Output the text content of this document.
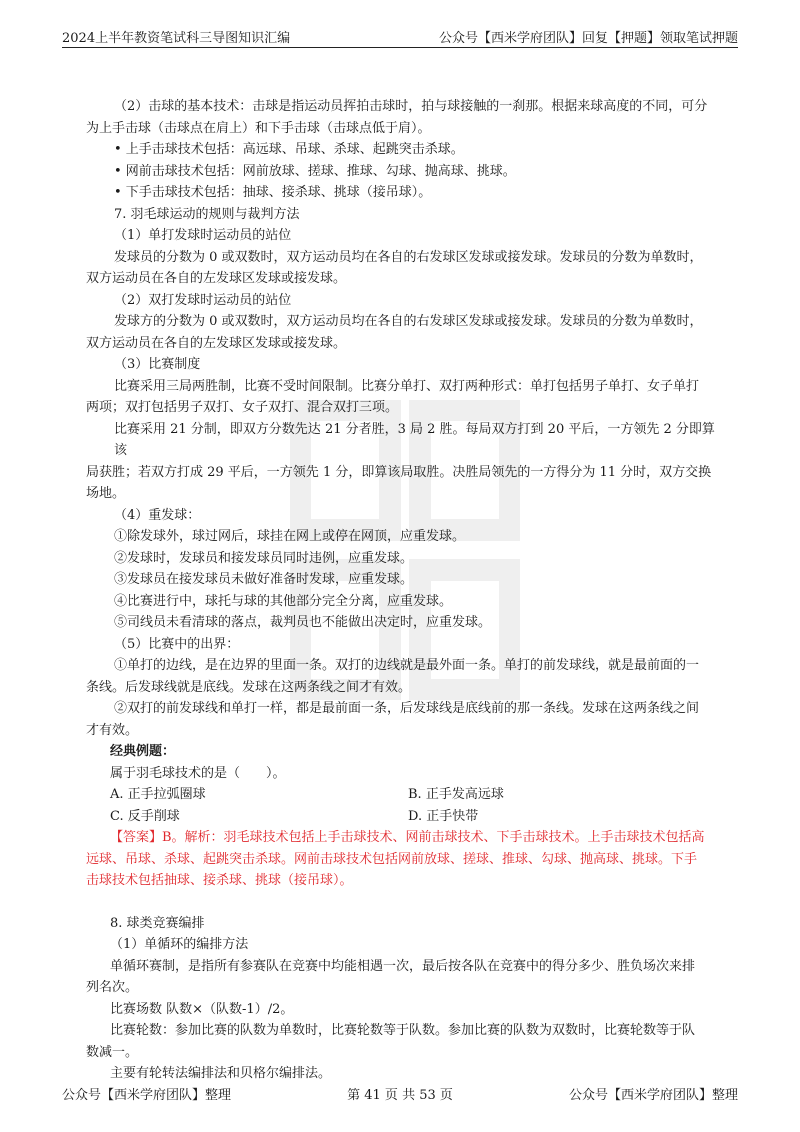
2024上半年教资笔试科三导图知识汇编	公众号【西米学府团队】回复【押题】领取笔试押题
（2）击球的基本技术：击球是指运动员挥拍击球时，拍与球接触的一刹那。根据来球高度的不同，可分
为上手击球（击球点在肩上）和下手击球（击球点低于肩）。
• 上手击球技术包括：高远球、吊球、杀球、起跳突击杀球。
• 网前击球技术包括：网前放球、搓球、推球、勾球、抛高球、挑球。
• 下手击球技术包括：抽球、接杀球、挑球（接吊球）。
7. 羽毛球运动的规则与裁判方法
（1）单打发球时运动员的站位
发球员的分数为 0 或双数时，双方运动员均在各自的右发球区发球或接发球。发球员的分数为单数时，
双方运动员在各自的左发球区发球或接发球。
（2）双打发球时运动员的站位
发球方的分数为 0 或双数时，双方运动员均在各自的右发球区发球或接发球。发球员的分数为单数时，
双方运动员在各自的左发球区发球或接发球。
（3）比赛制度
比赛采用三局两胜制，比赛不受时间限制。比赛分单打、双打两种形式：单打包括男子单打、女子单打
两项；双打包括男子双打、女子双打、混合双打三项。
比赛采用 21 分制，即双方分数先达 21 分者胜，3 局 2 胜。每局双方打到 20 平后，一方领先 2 分即算该
局获胜；若双方打成 29 平后，一方领先 1 分，即算该局取胜。决胜局领先的一方得分为 11 分时，双方交换
场地。
（4）重发球：
①除发球外，球过网后，球挂在网上或停在网顶，应重发球。
②发球时，发球员和接发球员同时违例，应重发球。
③发球员在接发球员未做好准备时发球，应重发球。
④比赛进行中，球托与球的其他部分完全分离，应重发球。
⑤司线员未看清球的落点，裁判员也不能做出决定时，应重发球。
（5）比赛中的出界：
①单打的边线，是在边界的里面一条。双打的边线就是最外面一条。单打的前发球线，就是最前面的一
条线。后发球线就是底线。发球在这两条线之间才有效。
②双打的前发球线和单打一样，都是最前面一条，后发球线是底线前的那一条线。发球在这两条线之间
才有效。
经典例题：
属于羽毛球技术的是（　　）。
A. 正手拉弧圈球	B. 正手发高远球
C. 反手削球	D. 正手快带
【答案】B。解析：羽毛球技术包括上手击球技术、网前击球技术、下手击球技术。上手击球技术包括高
远球、吊球、杀球、起跳突击杀球。网前击球技术包括网前放球、搓球、推球、勾球、抛高球、挑球。下手
击球技术包括抽球、接杀球、挑球（接吊球）。
8. 球类竞赛编排
（1）单循环的编排方法
单循环赛制，是指所有参赛队在竞赛中均能相遇一次，最后按各队在竞赛中的得分多少、胜负场次来排
列名次。
比赛场数 队数×（队数-1）/2。
比赛轮数：参加比赛的队数为单数时，比赛轮数等于队数。参加比赛的队数为双数时，比赛轮数等于队
数减一。
主要有轮转法编排法和贝格尔编排法。
公众号【西米学府团队】整理	第 41 页 共 53 页	公众号【西米学府团队】整理
